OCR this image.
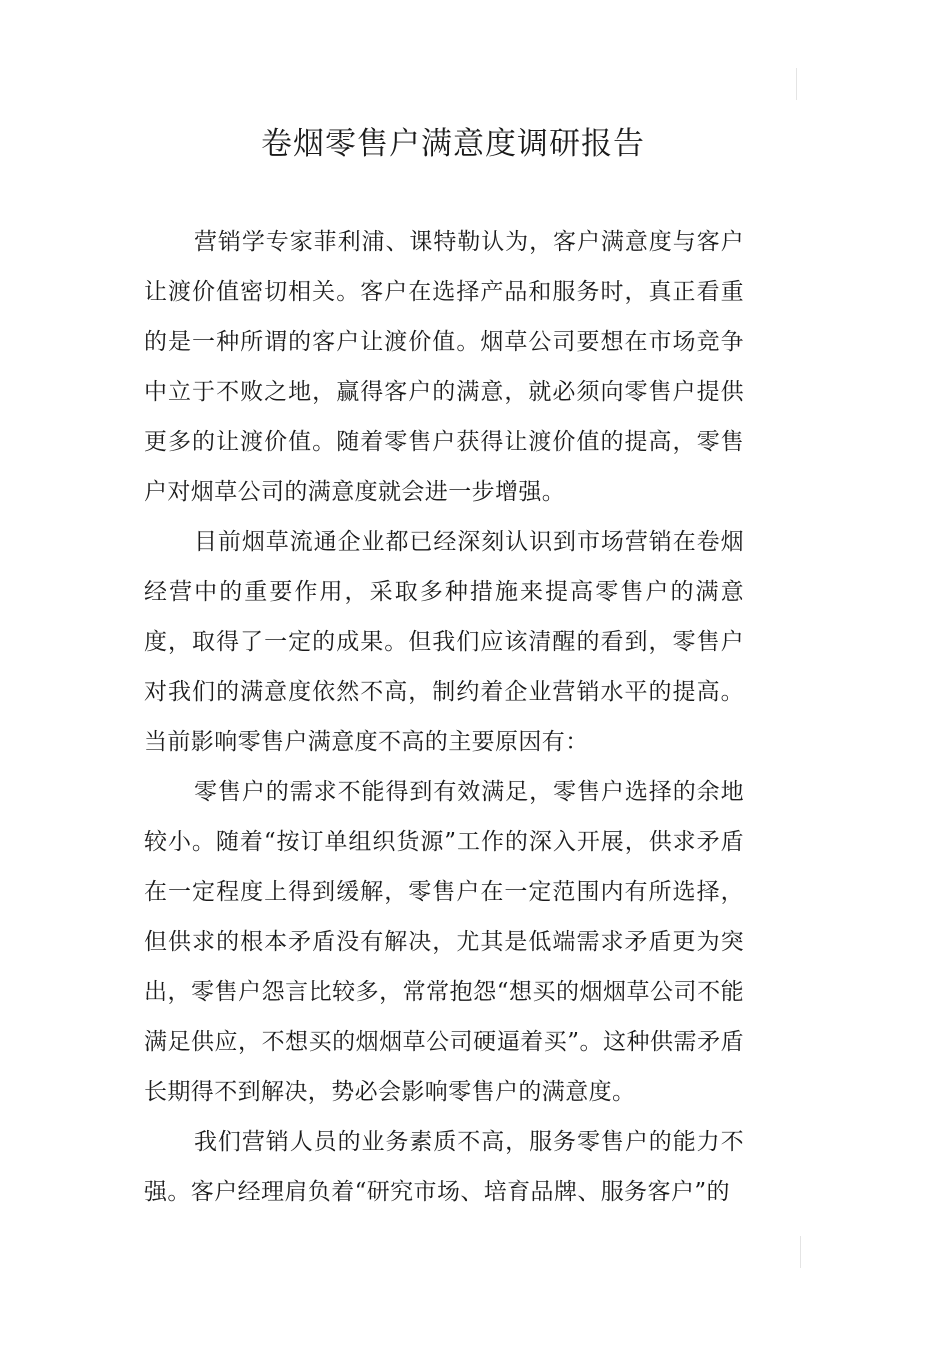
卷烟零售户满意度调研报告

营销学专家菲利浦、课特勒认为，客户满意度与客户让渡价值密切相关。客户在选择产品和服务时，真正看重的是一种所谓的客户让渡价值。烟草公司要想在市场竞争中立于不败之地，赢得客户的满意，就必须向零售户提供更多的让渡价值。随着零售户获得让渡价值的提高，零售户对烟草公司的满意度就会进一步增强。

目前烟草流通企业都已经深刻认识到市场营销在卷烟经营中的重要作用，采取多种措施来提高零售户的满意度，取得了一定的成果。但我们应该清醒的看到，零售户对我们的满意度依然不高，制约着企业营销水平的提高。当前影响零售户满意度不高的主要原因有：

零售户的需求不能得到有效满足，零售户选择的余地较小。随着“按订单组织货源”工作的深入开展，供求矛盾在一定程度上得到缓解，零售户在一定范围内有所选择，但供求的根本矛盾没有解决，尤其是低端需求矛盾更为突出，零售户怨言比较多，常常抱怨“想买的烟烟草公司不能满足供应，不想买的烟烟草公司硬逼着买”。这种供需矛盾长期得不到解决，势必会影响零售户的满意度。

我们营销人员的业务素质不高，服务零售户的能力不强。客户经理肩负着“研究市场、培育品牌、服务客户”的
